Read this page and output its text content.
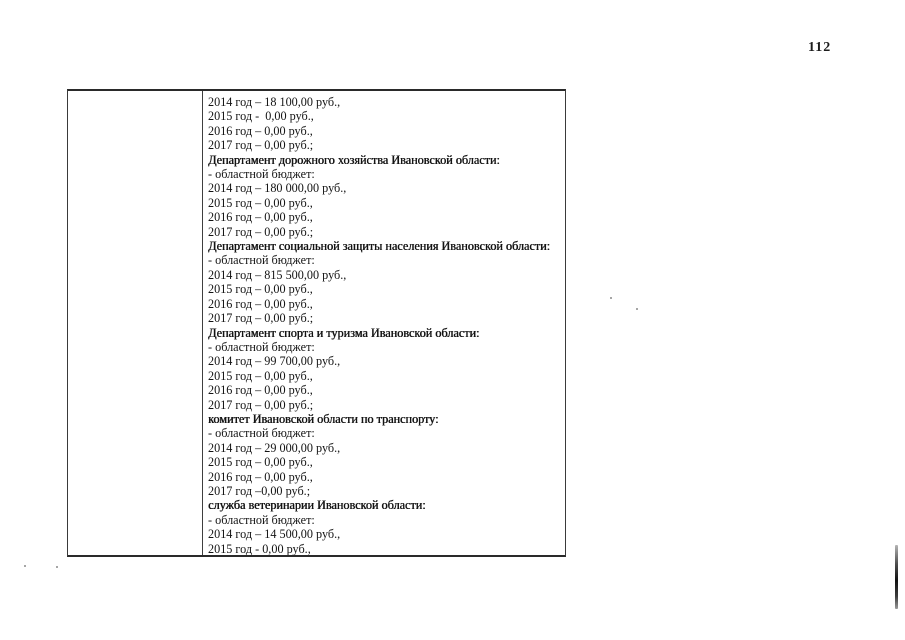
112
2014 год – 18 100,00 руб.,
2015 год -  0,00 руб.,
2016 год – 0,00 руб.,
2017 год – 0,00 руб.;
Департамент дорожного хозяйства Ивановской области:
- областной бюджет:
2014 год – 180 000,00 руб.,
2015 год – 0,00 руб.,
2016 год – 0,00 руб.,
2017 год – 0,00 руб.;
Департамент социальной защиты населения Ивановской области:
- областной бюджет:
2014 год – 815 500,00 руб.,
2015 год – 0,00 руб.,
2016 год – 0,00 руб.,
2017 год – 0,00 руб.;
Департамент спорта и туризма Ивановской области:
- областной бюджет:
2014 год – 99 700,00 руб.,
2015 год – 0,00 руб.,
2016 год – 0,00 руб.,
2017 год – 0,00 руб.;
комитет Ивановской области по транспорту:
- областной бюджет:
2014 год – 29 000,00 руб.,
2015 год – 0,00 руб.,
2016 год – 0,00 руб.,
2017 год –0,00 руб.;
служба ветеринарии Ивановской области:
- областной бюджет:
2014 год – 14 500,00 руб.,
2015 год - 0,00 руб.,
